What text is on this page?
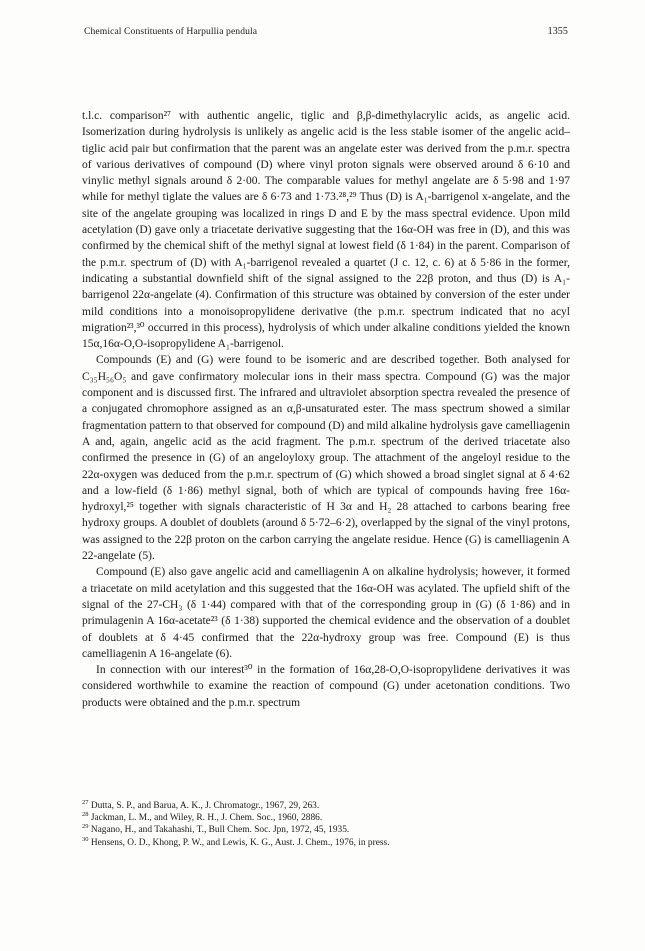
Chemical Constituents of Harpullia pendula	1355

t.l.c. comparison²⁷ with authentic angelic, tiglic and β,β-dimethylacrylic acids, as angelic acid. Isomerization during hydrolysis is unlikely as angelic acid is the less stable isomer of the angelic acid–tiglic acid pair but confirmation that the parent was an angelate ester was derived from the p.m.r. spectra of various derivatives of compound (D) where vinyl proton signals were observed around δ 6·10 and vinylic methyl signals around δ 2·00. The comparable values for methyl angelate are δ 5·98 and 1·97 while for methyl tiglate the values are δ 6·73 and 1·73.²⁸,²⁹ Thus (D) is A₁-barrigenol x-angelate, and the site of the angelate grouping was localized in rings D and E by the mass spectral evidence. Upon mild acetylation (D) gave only a triacetate derivative suggesting that the 16α-OH was free in (D), and this was confirmed by the chemical shift of the methyl signal at lowest field (δ 1·84) in the parent. Comparison of the p.m.r. spectrum of (D) with A₁-barrigenol revealed a quartet (J c. 12, c. 6) at δ 5·86 in the former, indicating a substantial downfield shift of the signal assigned to the 22β proton, and thus (D) is A₁-barrigenol 22α-angelate (4). Confirmation of this structure was obtained by conversion of the ester under mild conditions into a monoisopropylidene derivative (the p.m.r. spectrum indicated that no acyl migration²³,³⁰ occurred in this process), hydrolysis of which under alkaline conditions yielded the known 15α,16α-O,O-isopropylidene A₁-barrigenol.

Compounds (E) and (G) were found to be isomeric and are described together. Both analysed for C₃₅H₅₆O₅ and gave confirmatory molecular ions in their mass spectra. Compound (G) was the major component and is discussed first. The infrared and ultraviolet absorption spectra revealed the presence of a conjugated chromophore assigned as an α,β-unsaturated ester. The mass spectrum showed a similar fragmentation pattern to that observed for compound (D) and mild alkaline hydrolysis gave camelliagenin A and, again, angelic acid as the acid fragment. The p.m.r. spectrum of the derived triacetate also confirmed the presence in (G) of an angeloyloxy group. The attachment of the angeloyl residue to the 22α-oxygen was deduced from the p.m.r. spectrum of (G) which showed a broad singlet signal at δ 4·62 and a low-field (δ 1·86) methyl signal, both of which are typical of compounds having free 16α-hydroxyl,²⁵ together with signals characteristic of H 3α and H₂ 28 attached to carbons bearing free hydroxy groups. A doublet of doublets (around δ 5·72–6·2), overlapped by the signal of the vinyl protons, was assigned to the 22β proton on the carbon carrying the angelate residue. Hence (G) is camelliagenin A 22-angelate (5).

Compound (E) also gave angelic acid and camelliagenin A on alkaline hydrolysis; however, it formed a triacetate on mild acetylation and this suggested that the 16α-OH was acylated. The upfield shift of the signal of the 27-CH₃ (δ 1·44) compared with that of the corresponding group in (G) (δ 1·86) and in primulagenin A 16α-acetate²³ (δ 1·38) supported the chemical evidence and the observation of a doublet of doublets at δ 4·45 confirmed that the 22α-hydroxy group was free. Compound (E) is thus camelliagenin A 16-angelate (6).

In connection with our interest³⁰ in the formation of 16α,28-O,O-isopropylidene derivatives it was considered worthwhile to examine the reaction of compound (G) under acetonation conditions. Two products were obtained and the p.m.r. spectrum

$^{27}$ Dutta, S. P., and Barua, A. K., J. Chromatogr., 1967, 29, 263.

$^{28}$ Jackman, L. M., and Wiley, R. H., J. Chem. Soc., 1960, 2886.

$^{29}$ Nagano, H., and Takahashi, T., Bull Chem. Soc. Jpn, 1972, 45, 1935.

$^{30}$ Hensens, O. D., Khong, P. W., and Lewis, K. G., Aust. J. Chem., 1976, in press.
